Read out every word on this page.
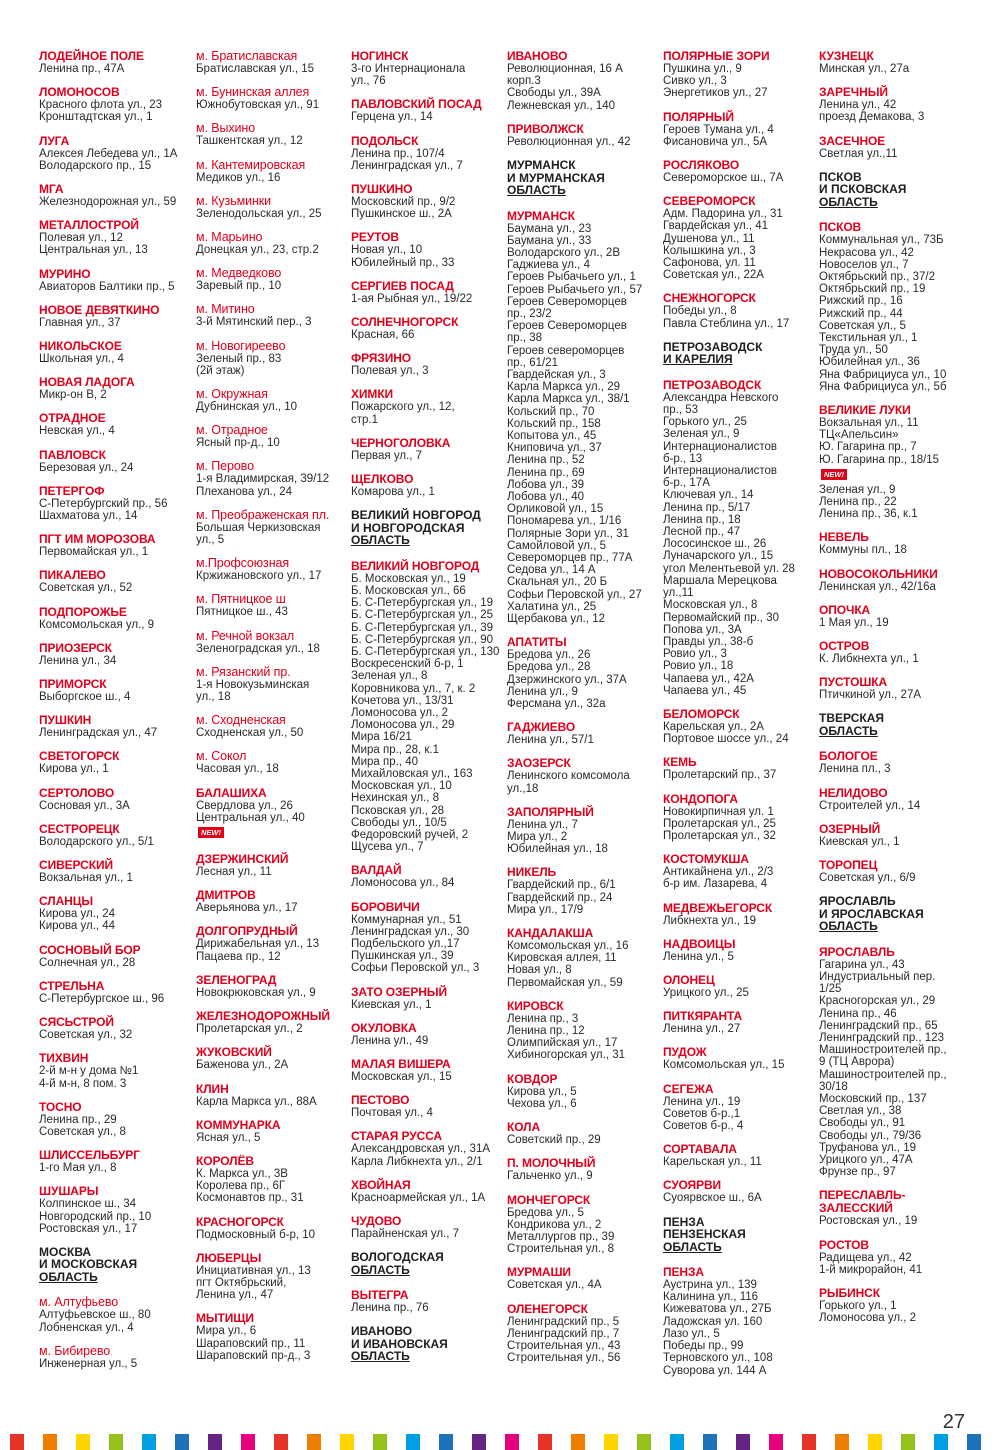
ЛОДЕЙНОЕ ПОЛЕ
Ленина пр., 47А
ЛОМОНОСОВ
Красного флота ул., 23
Кронштадтская ул., 1
ЛУГА
Алексея Лебедева ул., 1А
Володарского пр., 15
МГА
Железнодорожная ул., 59
МЕТАЛЛОСТРОЙ
Полевая ул., 12
Центральная ул., 13
МУРИНО
Авиаторов Балтики пр., 5
НОВОЕ ДЕВЯТКИНО
Главная ул., 37
НИКОЛЬСКОЕ
Школьная ул., 4
НОВАЯ ЛАДОГА
Микр-он В, 2
ОТРАДНОЕ
Невская ул., 4
ПАВЛОВСК
Березовая ул., 24
ПЕТЕРГОФ
С-Петербургский пр., 56
Шахматова ул., 14
ПГТ ИМ МОРОЗОВА
Первомайская ул., 1
ПИКАЛЕВО
Советская ул., 52
ПОДПОРОЖЬЕ
Комсомольская ул., 9
ПРИОЗЕРСК
Ленина ул., 34
ПРИМОРСК
Выборгское ш., 4
ПУШКИН
Ленинградская ул., 47
СВЕТОГОРСК
Кирова ул., 1
СЕРТОЛОВО
Сосновая ул., 3А
СЕСТРОРЕЦК
Володарского ул., 5/1
СИВЕРСКИЙ
Вокзальная ул., 1
СЛАНЦЫ
Кирова ул., 24
Кирова ул., 44
СОСНОВЫЙ БОР
Солнечная ул., 28
СТРЕЛЬНА
С-Петербургское ш., 96
СЯСЬСТРОЙ
Советская ул., 32
ТИХВИН
2-й м-н у дома №1
4-й м-н, 8 пом. 3
ТОСНО
Ленина пр., 29
Советская ул., 8
ШЛИССЕЛЬБУРГ
1-го Мая ул., 8
ШУШАРЫ
Колпинское ш., 34
Новгородский пр., 10
Ростовская ул., 17
МОСКВА
И МОСКОВСКАЯ
ОБЛАСТЬ
м. Алтуфьево
Алтуфьевское ш., 80
Лобненская ул., 4
м. Бибирево
Инженерная ул., 5
м. Братиславская
Братиславская ул., 15
м. Бунинская аллея
Южнобутовская ул., 91
м. Выхино
Ташкентская ул., 12
м. Кантемировская
Медиков ул., 16
м. Кузьминки
Зеленодольская ул., 25
м. Марьино
Донецкая ул., 23, стр.2
м. Медведково
Заревый пр., 10
м. Митино
3-й Мятинский пер., 3
м. Новогиреево
Зеленый пр., 83
(2й этаж)
м. Окружная
Дубнинская ул., 10
м. Отрадное
Ясный пр-д., 10
м. Перово
1-я Владимирская, 39/12
Плеханова ул., 24
м. Преображенская пл.
Большая Черкизовская
ул., 5
м.Профсоюзная
Кржижановского ул., 17
м. Пятницкое ш
Пятницкое ш., 43
м. Речной вокзал
Зеленоградская ул., 18
м. Рязанский пр.
1-я Новокузьминская
ул., 18
м. Сходненская
Сходненская ул., 50
м. Сокол
Часовая ул., 18
БАЛАШИХА
Свердлова ул., 26
Центральная ул., 40
NEW!
ДЗЕРЖИНСКИЙ
Лесная ул., 11
ДМИТРОВ
Аверьянова ул., 17
ДОЛГОПРУДНЫЙ
Дирижабельная ул., 13
Пацаева пр., 12
ЗЕЛЕНОГРАД
Новокрюковская ул., 9
ЖЕЛЕЗНОДОРОЖНЫЙ
Пролетарская ул., 2
ЖУКОВСКИЙ
Баженова ул., 2А
КЛИН
Карла Маркса ул., 88А
КОММУНАРКА
Ясная ул., 5
КОРОЛЁВ
К. Маркса ул., 3В
Королева пр., 6Г
Космонавтов пр., 31
КРАСНОГОРСК
Подмосковный б-р, 10
ЛЮБЕРЦЫ
Инициативная ул., 13
пгт Октябрьский,
Ленина ул., 47
МЫТИЩИ
Мира ул., 6
Шараповский пр., 11
Шараповский пр-д., 3
НОГИНСК
3-го Интернационала
ул., 76
ПАВЛОВСКИЙ ПОСАД
Герцена ул., 14
ПОДОЛЬСК
Ленина пр., 107/4
Ленинградская ул., 7
ПУШКИНО
Московский пр., 9/2
Пушкинское ш., 2А
РЕУТОВ
Новая ул., 10
Юбилейный пр., 33
СЕРГИЕВ ПОСАД
1-ая Рыбная ул., 19/22
СОЛНЕЧНОГОРСК
Красная, 66
ФРЯЗИНО
Полевая ул., 3
ХИМКИ
Пожарского ул., 12,
стр.1
ЧЕРНОГОЛОВКА
Первая ул., 7
ЩЕЛКОВО
Комарова ул., 1
ВЕЛИКИЙ НОВГОРОД
И НОВГОРОДСКАЯ
ОБЛАСТЬ
ВЕЛИКИЙ НОВГОРОД
Б. Московская ул., 19
Б. Московская ул., 66
Б. С-Петербургская ул., 19
Б. С-Петербургская ул., 25
Б. С-Петербургская ул., 39
Б. С-Петербургская ул., 90
Б. С-Петербургская ул., 130
Воскресенский б-р, 1
Зеленая ул., 8
Коровникова ул., 7, к. 2
Кочетова ул., 13/31
Ломоносова ул., 2
Ломоносова ул., 29
Мира 16/21
Мира пр., 28, к.1
Мира пр., 40
Михайловская ул., 163
Московская ул., 10
Нехинская ул., 8
Псковская ул., 28
Свободы ул., 10/5
Федоровский ручей, 2
Щусева ул., 7
ВАЛДАЙ
Ломоносова ул., 84
БОРОВИЧИ
Коммунарная ул., 51
Ленинградская ул., 30
Подбельского ул.,17
Пушкинская ул., 39
Софьи Перовской ул., 3
ЗАТО ОЗЕРНЫЙ
Киевская ул., 1
ОКУЛОВКА
Ленина ул., 49
МАЛАЯ ВИШЕРА
Московская ул., 15
ПЕСТОВО
Почтовая ул., 4
СТАРАЯ РУССА
Александровская ул., 31А
Карла Либкнехта ул., 2/1
ХВОЙНАЯ
Красноармейская ул., 1А
ЧУДОВО
Парайненская ул., 7
ВОЛОГОДСКАЯ
ОБЛАСТЬ
ВЫТЕГРА
Ленина пр., 76
ИВАНОВО
И ИВАНОВСКАЯ
ОБЛАСТЬ
ИВАНОВО
Революционная, 16 А
корп.3
Свободы ул., 39А
Лежневская ул., 140
ПРИВОЛЖСК
Революционная ул., 42
МУРМАНСК
И МУРМАНСКАЯ
ОБЛАСТЬ
МУРМАНСК
Баумана ул., 23
Баумана ул., 33
Володарского ул., 2В
Гаджиева ул., 4
Героев Рыбачьего ул., 1
Героев Рыбачьего ул., 57
Героев Североморцев
пр., 23/2
Героев Североморцев
пр., 38
Героев североморцев
пр., 61/21
Гвардейская ул., 3
Карла Маркса ул., 29
Карла Маркса ул., 38/1
Кольский пр., 70
Кольский пр., 158
Копытова ул., 45
Книповича ул., 37
Ленина пр., 52
Ленина пр., 69
Лобова ул., 39
Лобова ул., 40
Орликовой ул., 15
Пономарева ул., 1/16
Полярные Зори ул., 31
Самойловой ул., 5
Североморцев пр., 77А
Седова ул., 14 А
Скальная ул., 20 Б
Софьи Перовской ул., 27
Халатина ул., 25
Щербакова ул., 12
АПАТИТЫ
Бредова ул., 26
Бредова ул., 28
Дзержинского ул., 37А
Ленина ул., 9
Ферсмана ул., 32а
ГАДЖИЕВО
Ленина ул., 57/1
ЗАОЗЕРСК
Ленинского комсомола
ул.,18
ЗАПОЛЯРНЫЙ
Ленина ул., 7
Мира ул., 2
Юбилейная ул., 18
НИКЕЛЬ
Гвардейский пр., 6/1
Гвардейский пр., 24
Мира ул., 17/9
КАНДАЛАКША
Комсомольская ул., 16
Кировская аллея, 11
Новая ул., 8
Первомайская ул., 59
КИРОВСК
Ленина пр., 3
Ленина пр., 12
Олимпийская ул., 17
Хибиногорская ул., 31
КОВДОР
Кирова ул., 5
Чехова ул., 6
КОЛА
Советский пр., 29
П. МОЛОЧНЫЙ
Гальченко ул., 9
МОНЧЕГОРСК
Бредова ул., 5
Кондрикова ул., 2
Металлургов пр., 39
Строительная ул., 8
МУРМАШИ
Советская ул., 4А
ОЛЕНЕГОРСК
Ленинградский пр., 5
Ленинградский пр., 7
Строительная ул., 43
Строительная ул., 56
ПОЛЯРНЫЕ ЗОРИ
Пушкина ул., 9
Сивко ул., 3
Энергетиков ул., 27
ПОЛЯРНЫЙ
Героев Тумана ул., 4
Фисановича ул., 5А
РОСЛЯКОВО
Североморское ш., 7А
СЕВЕРОМОРСК
Адм. Падорина ул., 31
Гвардейская ул., 41
Душенова ул., 11
Колышкина ул., 3
Сафонова, ул. 11
Советская ул., 22А
СНЕЖНОГОРСК
Победы ул., 8
Павла Стеблина ул., 17
ПЕТРОЗАВОДСК
И КАРЕЛИЯ
ПЕТРОЗАВОДСК
Александра Невского
пр., 53
Горького ул., 25
Зеленая ул., 9
Интернационалистов
б-р., 13
Интернационалистов
б-р., 17А
Ключевая ул., 14
Ленина пр., 5/17
Ленина пр., 18
Лесной пр., 47
Лососинское ш., 26
Луначарского ул., 15
угол Мелентьевой ул. 28
Маршала Мерецкова
ул.,11
Московская ул., 8
Первомайский пр., 30
Попова ул., 3А
Правды ул., 38-б
Ровио ул., 3
Ровио ул., 18
Чапаева ул., 42А
Чапаева ул., 45
БЕЛОМОРСК
Карельская ул., 2А
Портовое шоссе ул., 24
КЕМЬ
Пролетарский пр., 37
КОНДОПОГА
Новокирпичная ул. 1
Пролетарская ул., 25
Пролетарская ул., 32
КОСТОМУКША
Антикайнена ул., 2/3
б-р им. Лазарева, 4
МЕДВЕЖЬЕГОРСК
Либкнехта ул., 19
НАДВОИЦЫ
Ленина ул., 5
ОЛОНЕЦ
Урицкого ул., 25
ПИТКЯРАНТА
Ленина ул., 27
ПУДОЖ
Комсомольская ул., 15
СЕГЕЖА
Ленина ул., 19
Советов б-р.,1
Советов б-р., 4
СОРТАВАЛА
Карельская ул., 11
СУОЯРВИ
Суоярвское ш., 6А
ПЕНЗА
ПЕНЗЕНСКАЯ
ОБЛАСТЬ
ПЕНЗА
Аустрина ул., 139
Калинина ул., 116
Кижеватова ул., 27Б
Ладожская ул. 160
Лазо ул., 5
Победы пр., 99
Терновского ул., 108
Суворова ул. 144 А
КУЗНЕЦК
Минская ул., 27а
ЗАРЕЧНЫЙ
Ленина ул., 42
проезд Демакова, 3
ЗАСЕЧНОЕ
Светлая ул.,11
ПСКОВ
И ПСКОВСКАЯ
ОБЛАСТЬ
ПСКОВ
Коммунальная ул., 73Б
Некрасова ул., 42
Новоселов ул., 7
Октябрьский пр., 37/2
Октябрьский пр., 19
Рижский пр., 16
Рижский пр., 44
Советская ул., 5
Текстильная ул., 1
Труда ул., 50
Юбилейная ул., 36
Яна Фабрициуса ул., 10
Яна Фабрициуса ул., 5б
ВЕЛИКИЕ ЛУКИ
Вокзальная ул., 11
ТЦ«Апельсин»
Ю. Гагарина пр., 7
Ю. Гагарина пр., 18/15
NEW!
Зеленая ул., 9
Ленина пр., 22
Ленина пр., 36, к.1
НЕВЕЛЬ
Коммуны пл., 18
НОВОСОКОЛЬНИКИ
Ленинская ул., 42/16а
ОПОЧКА
1 Мая ул., 19
ОСТРОВ
К. Либкнехта ул., 1
ПУСТОШКА
Птичкиной ул., 27А
ТВЕРСКАЯ
ОБЛАСТЬ
БОЛОГОЕ
Ленина пл., 3
НЕЛИДОВО
Строителей ул., 14
ОЗЕРНЫЙ
Киевская ул., 1
ТОРОПЕЦ
Советская ул., 6/9
ЯРОСЛАВЛЬ
И ЯРОСЛАВСКАЯ
ОБЛАСТЬ
ЯРОСЛАВЛЬ
Гагарина ул., 43
Индустриальный пер.
1/25
Красногорская ул., 29
Ленина пр., 46
Ленинградский пр., 65
Ленинградский пр., 123
Машиностроителей пр.,
9 (ТЦ Аврора)
Машиностроителей пр.,
30/18
Московский пр., 137
Светлая ул., 38
Свободы ул., 91
Свободы ул., 79/36
Труфанова ул., 19
Урицкого ул., 47А
Фрунзе пр., 97
ПЕРЕСЛАВЛЬ-
ЗАЛЕССКИЙ
Ростовская ул., 19
РОСТОВ
Радищева ул., 42
1-й микрорайон, 41
РЫБИНСК
Горького ул., 1
Ломоносова ул., 2
27
